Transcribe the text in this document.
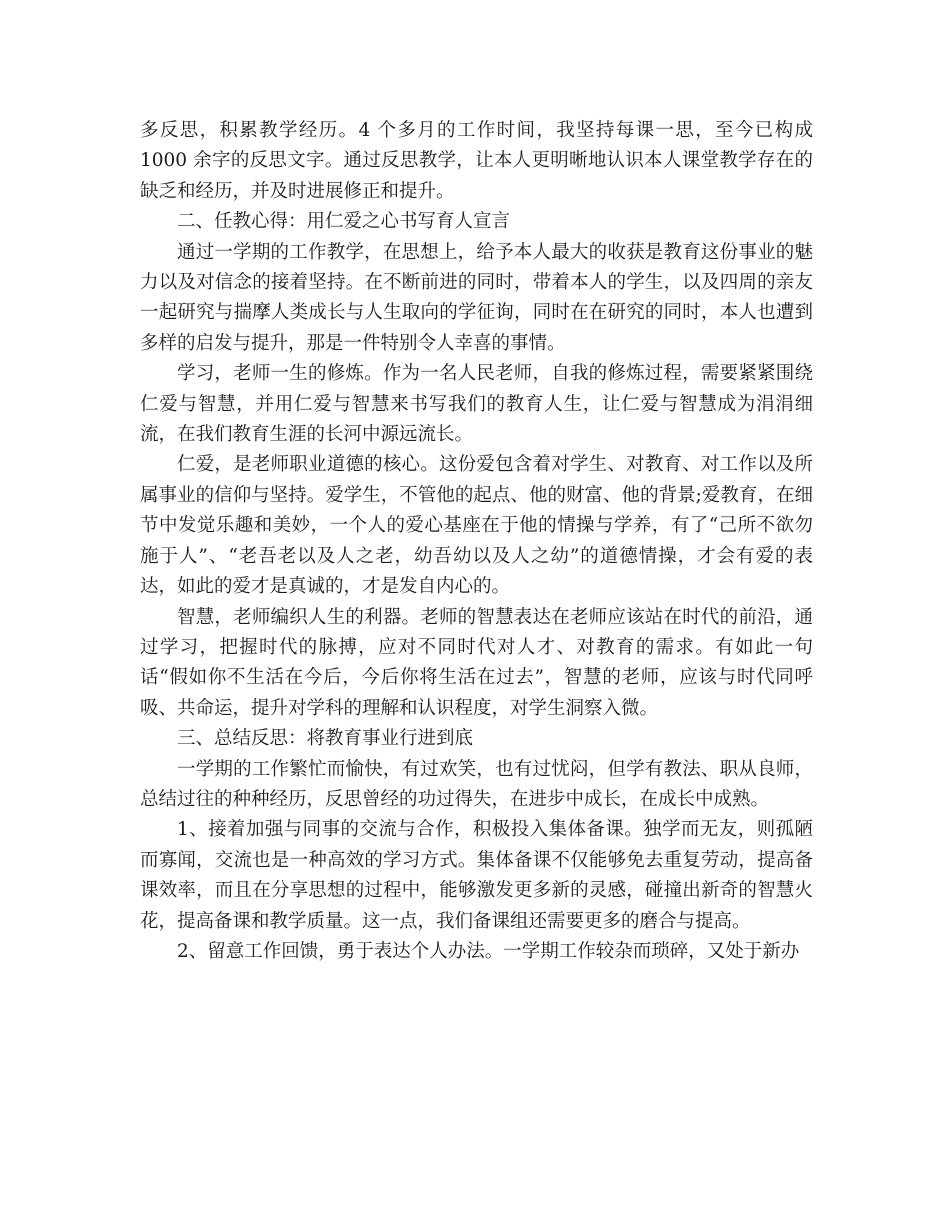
多反思，积累教学经历。4 个多月的工作时间，我坚持每课一思，至今已构成1000 余字的反思文字。通过反思教学，让本人更明晰地认识本人课堂教学存在的缺乏和经历，并及时进展修正和提升。

二、任教心得：用仁爱之心书写育人宣言

通过一学期的工作教学，在思想上，给予本人最大的收获是教育这份事业的魅力以及对信念的接着坚持。在不断前进的同时，带着本人的学生，以及四周的亲友一起研究与揣摩人类成长与人生取向的学征询，同时在在研究的同时，本人也遭到多样的启发与提升，那是一件特别令人幸喜的事情。

学习，老师一生的修炼。作为一名人民老师，自我的修炼过程，需要紧紧围绕仁爱与智慧，并用仁爱与智慧来书写我们的教育人生，让仁爱与智慧成为涓涓细流，在我们教育生涯的长河中源远流长。

仁爱，是老师职业道德的核心。这份爱包含着对学生、对教育、对工作以及所属事业的信仰与坚持。爱学生，不管他的起点、他的财富、他的背景;爱教育，在细节中发觉乐趣和美妙，一个人的爱心基座在于他的情操与学养，有了“己所不欲勿施于人”、“老吾老以及人之老，幼吾幼以及人之幼”的道德情操，才会有爱的表达，如此的爱才是真诚的，才是发自内心的。

智慧，老师编织人生的利器。老师的智慧表达在老师应该站在时代的前沿，通过学习，把握时代的脉搏，应对不同时代对人才、对教育的需求。有如此一句话“假如你不生活在今后，今后你将生活在过去”，智慧的老师，应该与时代同呼吸、共命运，提升对学科的理解和认识程度，对学生洞察入微。

三、总结反思：将教育事业行进到底

一学期的工作繁忙而愉快，有过欢笑，也有过忧闷，但学有教法、职从良师，总结过往的种种经历，反思曾经的功过得失，在进步中成长，在成长中成熟。

1、接着加强与同事的交流与合作，积极投入集体备课。独学而无友，则孤陋而寡闻，交流也是一种高效的学习方式。集体备课不仅能够免去重复劳动，提高备课效率，而且在分享思想的过程中，能够激发更多新的灵感，碰撞出新奇的智慧火花，提高备课和教学质量。这一点，我们备课组还需要更多的磨合与提高。

2、留意工作回馈，勇于表达个人办法。一学期工作较杂而琐碎，又处于新办
